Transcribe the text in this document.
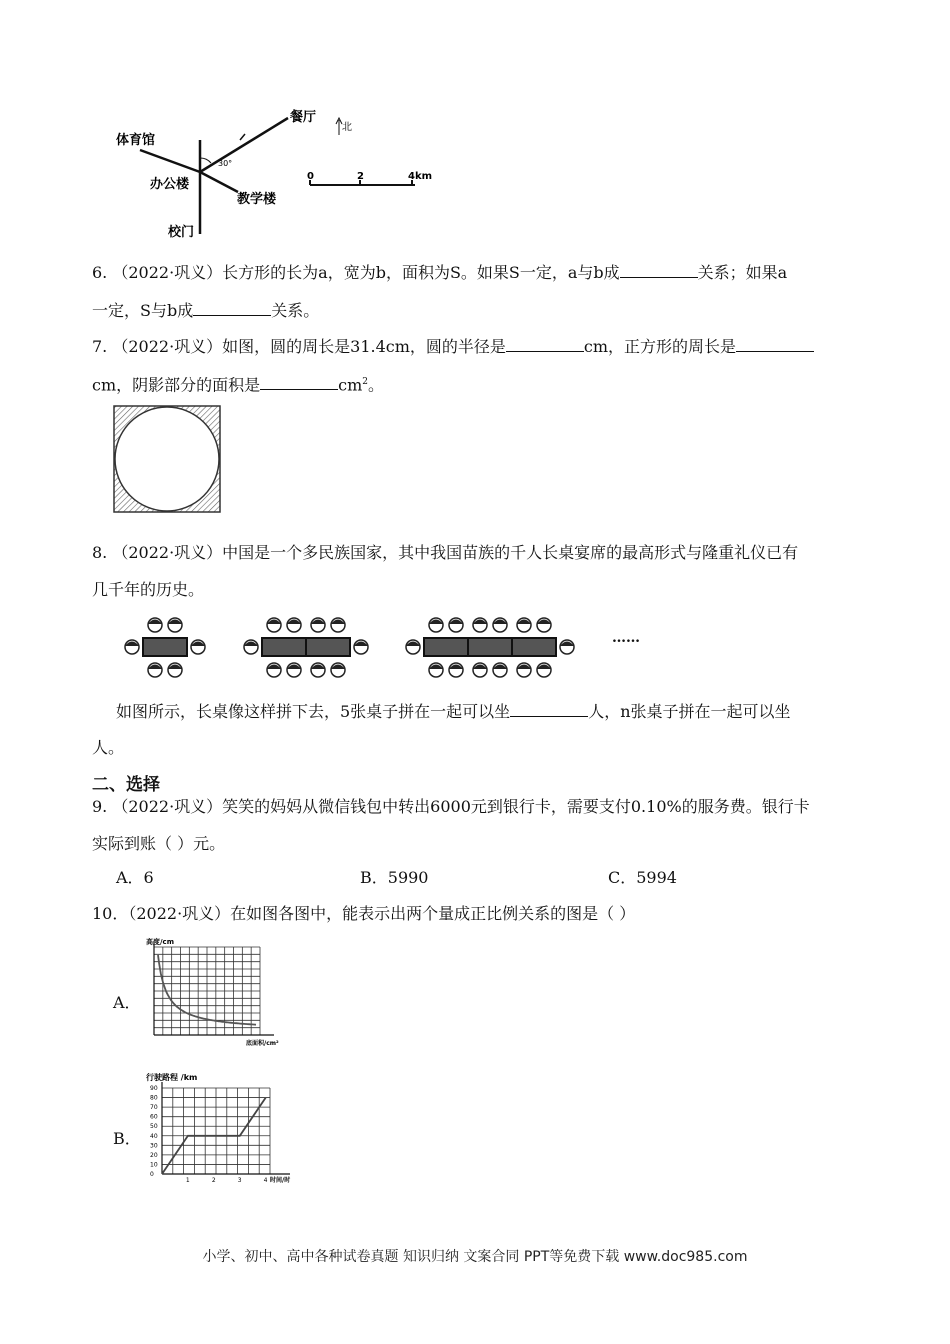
30°
体育馆
办公楼
餐厅
教学楼
校门
北
0	2	4km
6. （2022·巩义）长方形的长为a，宽为b，面积为S。如果S一定，a与b成	关系；如果a
一定，S与b成	关系。
7. （2022·巩义）如图，圆的周长是31.4cm，圆的半径是	cm，正方形的周长是
cm，阴影部分的面积是	$cm^2$。
8. （2022·巩义）中国是一个多民族国家，其中我国苗族的千人长桌宴席的最高形式与隆重礼仪已有
几千年的历史。
……
如图所示，长桌像这样拼下去，5张桌子拼在一起可以坐	人，n张桌子拼在一起可以坐
人。
二、选择
9. （2022·巩义）笑笑的妈妈从微信钱包中转出6000元到银行卡，需要支付0.10%的服务费。银行卡
实际到账（ ）元。
A．6	B．5990	C．5994
10．（2022·巩义）在如图各图中，能表示出两个量成正比例关系的图是（ ）
A．
高度/cm
底面积/cm²
B．
行驶路程 /km
时间/时
0
10
20
30
40
50
60
70
80
90
1	2	3	4
小学、初中、高中各种试卷真题 知识归纳 文案合同 PPT等免费下载 www.doc985.com
